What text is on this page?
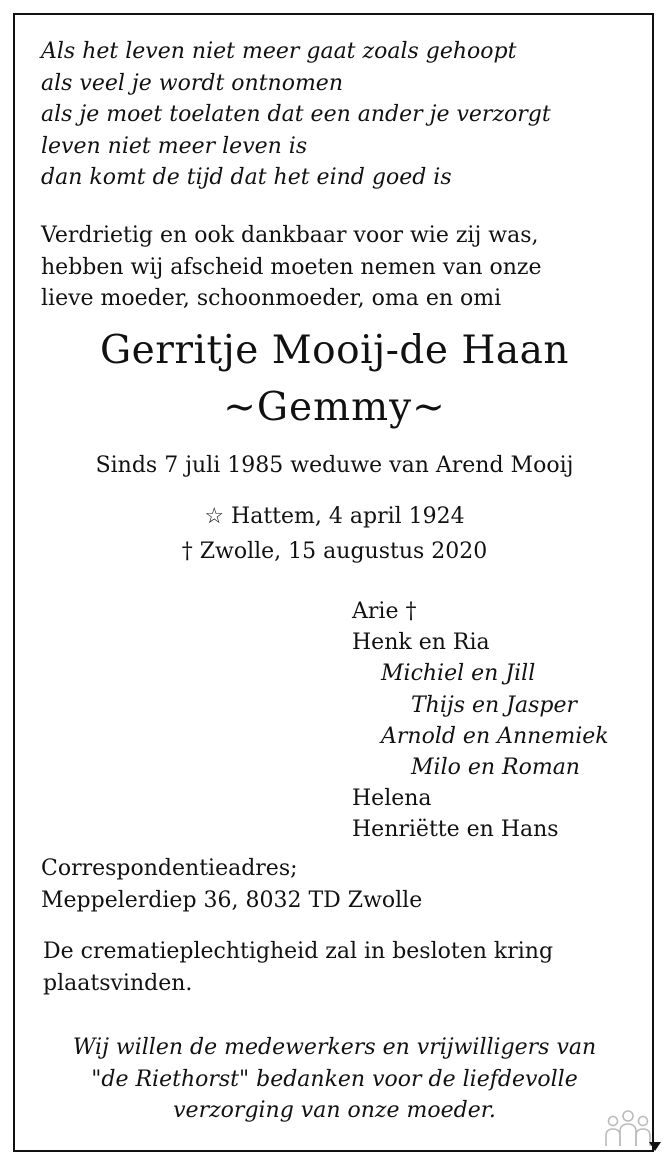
Als het leven niet meer gaat zoals gehoopt
als veel je wordt ontnomen
als je moet toelaten dat een ander je verzorgt
leven niet meer leven is
dan komt de tijd dat het eind goed is
Verdrietig en ook dankbaar voor wie zij was,
hebben wij afscheid moeten nemen van onze
lieve moeder, schoonmoeder, oma en omi
Gerritje Mooij-de Haan
~Gemmy~
Sinds 7 juli 1985 weduwe van Arend Mooij
☆ Hattem, 4 april 1924
† Zwolle, 15 augustus 2020
Arie †
Henk en Ria
Michiel en Jill
Thijs en Jasper
Arnold en Annemiek
Milo en Roman
Helena
Henriëtte en Hans
Correspondentieadres;
Meppelerdiep 36, 8032 TD Zwolle
De crematieplechtigheid zal in besloten kring
plaatsvinden.
Wij willen de medewerkers en vrijwilligers van
"de Riethorst" bedanken voor de liefdevolle
verzorging van onze moeder.
